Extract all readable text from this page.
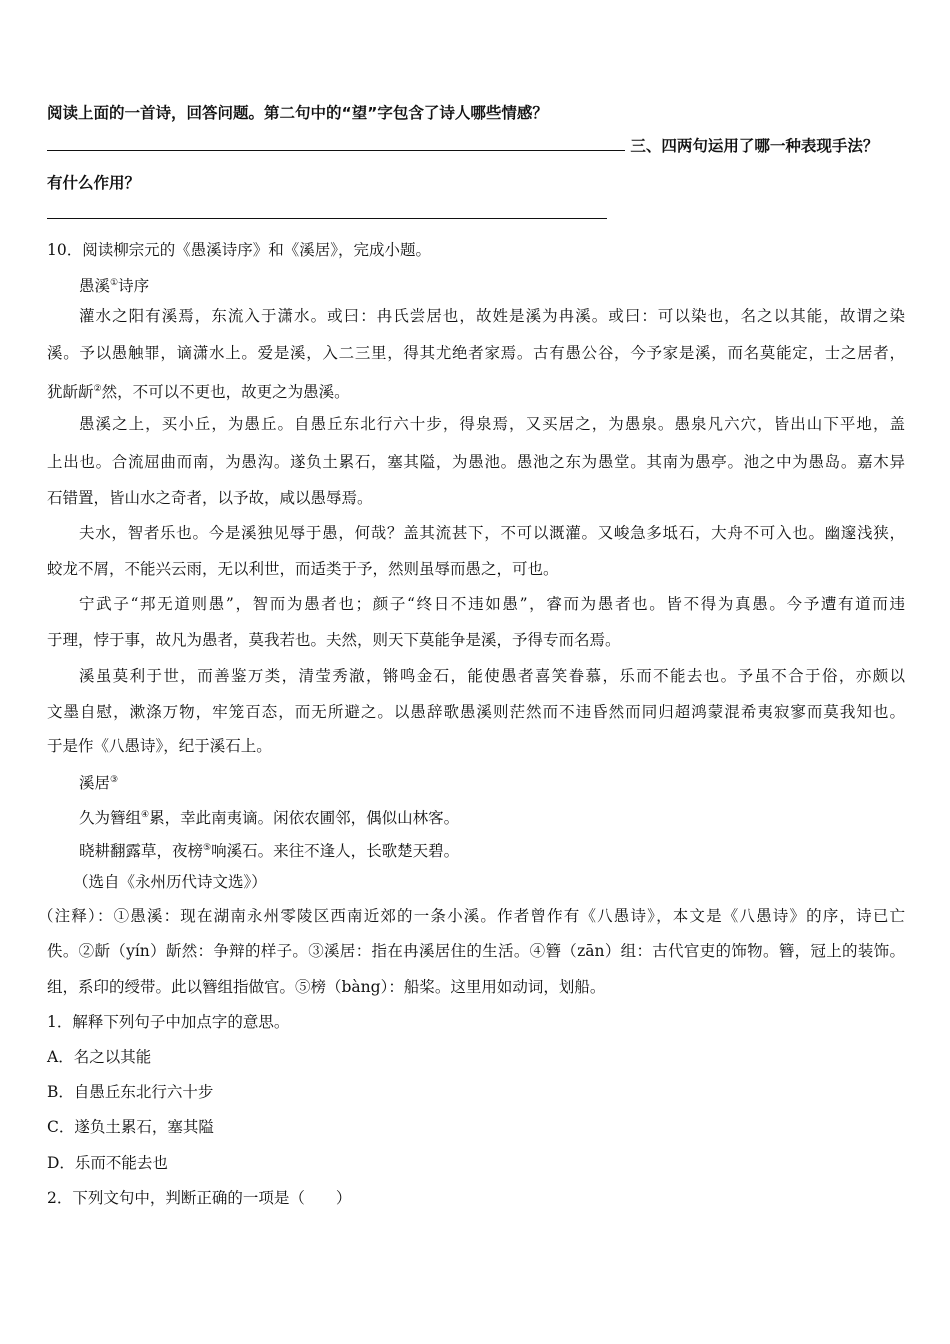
阅读上面的一首诗，回答问题。第二句中的“望”字包含了诗人哪些情感？
三、四两句运用了哪一种表现手法？
有什么作用？
10．阅读柳宗元的《愚溪诗序》和《溪居》，完成小题。
愚溪①诗序
灌水之阳有溪焉，东流入于潇水。或曰：冉氏尝居也，故姓是溪为冉溪。或曰：可以染也，名之以其能，故谓之染
溪。予以愚触罪，谪潇水上。爱是溪，入二三里，得其尤绝者家焉。古有愚公谷，今予家是溪，而名莫能定，士之居者，
犹龂龂②然，不可以不更也，故更之为愚溪。
愚溪之上，买小丘，为愚丘。自愚丘东北行六十步，得泉焉，又买居之，为愚泉。愚泉凡六穴，皆出山下平地，盖
上出也。合流屈曲而南，为愚沟。遂负土累石，塞其隘，为愚池。愚池之东为愚堂。其南为愚亭。池之中为愚岛。嘉木异
石错置，皆山水之奇者，以予故，咸以愚辱焉。
夫水，智者乐也。今是溪独见辱于愚，何哉？盖其流甚下，不可以溉灌。又峻急多坻石，大舟不可入也。幽邃浅狭，
蛟龙不屑，不能兴云雨，无以利世，而适类于予，然则虽辱而愚之，可也。
宁武子“邦无道则愚”，智而为愚者也；颜子“终日不违如愚”，睿而为愚者也。皆不得为真愚。今予遭有道而违
于理，悖于事，故凡为愚者，莫我若也。夫然，则天下莫能争是溪，予得专而名焉。
溪虽莫利于世，而善鉴万类，清莹秀澈，锵鸣金石，能使愚者喜笑眷慕，乐而不能去也。予虽不合于俗，亦颇以
文墨自慰，漱涤万物，牢笼百态，而无所避之。以愚辞歌愚溪则茫然而不违昏然而同归超鸿蒙混希夷寂寥而莫我知也。
于是作《八愚诗》，纪于溪石上。
溪居③
久为簪组④累，幸此南夷谪。闲依农圃邻，偶似山林客。
晓耕翻露草，夜榜⑤响溪石。来往不逢人，长歌楚天碧。
（选自《永州历代诗文选》）
（注释）：①愚溪：现在湖南永州零陵区西南近郊的一条小溪。作者曾作有《八愚诗》，本文是《八愚诗》的序，诗已亡
佚。②龂（yín）龂然：争辩的样子。③溪居：指在冉溪居住的生活。④簪（zān）组：古代官吏的饰物。簪，冠上的装饰。
组，系印的绶带。此以簪组指做官。⑤榜（bàng）：船桨。这里用如动词，划船。
1．解释下列句子中加点字的意思。
A．名之以其能
B．自愚丘东北行六十步
C．遂负土累石，塞其隘
D．乐而不能去也
2．下列文句中，判断正确的一项是（　　）
